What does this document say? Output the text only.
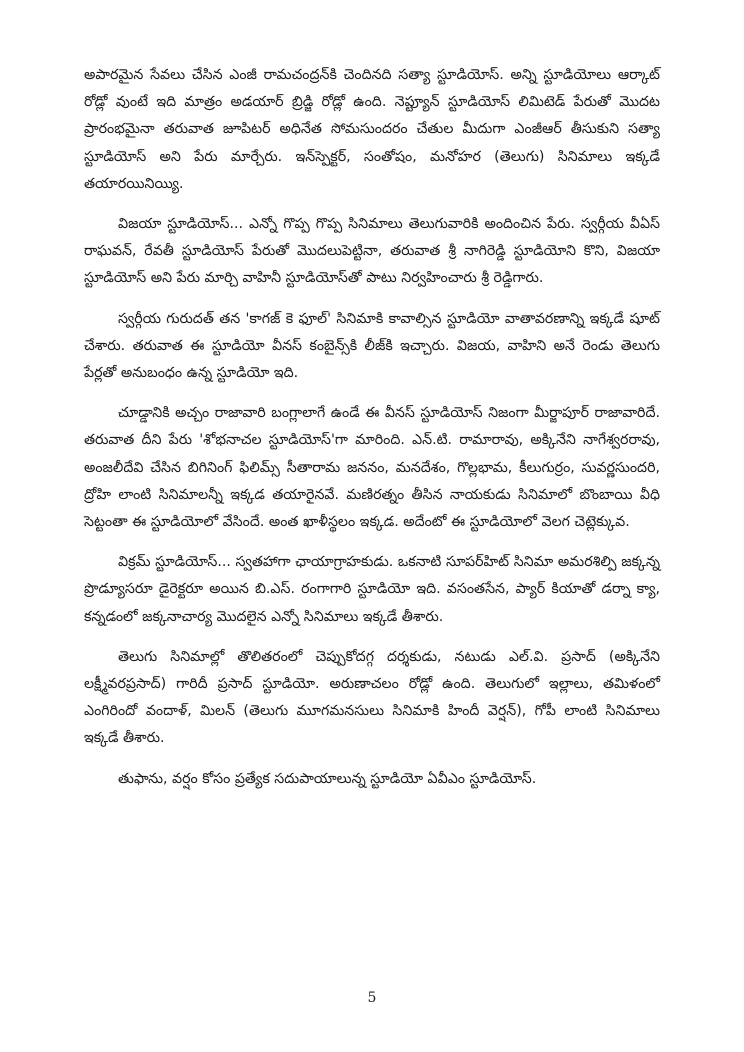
అపారమైన సేవలు చేసిన ఎంజీ రామచంద్రన్‌కి చెందినది సత్యా స్టూడియోస్. అన్ని స్టూడియోలు ఆర్కాట్ రోడ్లో వుంటే ఇది మాత్రం అడయార్ బ్రిడ్జి రోడ్లో ఉంది. నెప్ట్యూన్ స్టూడియోస్ లిమిటెడ్ పేరుతో మొదట ప్రారంభమైనా తరువాత జూపిటర్ అధినేత సోమసుందరం చేతుల మీదుగా ఎంజీఆర్ తీసుకుని సత్యా స్టూడియోస్ అని పేరు మార్చేరు. ఇన్‌స్పెక్టర్, సంతోషం, మనోహర (తెలుగు) సినిమాలు ఇక్కడే తయారయినియ్యి.

విజయా స్టూడియోస్... ఎన్నో గొప్ప గొప్ప సినిమాలు తెలుగువారికి అందించిన పేరు. స్వర్గీయ వీఏస్ రాఘవన్, రేవతీ స్టూడియోస్ పేరుతో మొదలుపెట్టినా, తరువాత శ్రీ నాగిరెడ్డి స్టూడియోని కొని, విజయా స్టూడియోస్ అని పేరు మార్చి వాహినీ స్టూడియోస్‌తో పాటు నిర్వహించారు శ్రీ రెడ్డిగారు.

స్వర్గీయ గురుదత్ తన 'కాగజ్ కె ఫూల్' సినిమాకి కావాల్సిన స్టూడియో వాతావరణాన్ని ఇక్కడే షూట్ చేశారు. తరువాత ఈ స్టూడియో వీనస్ కంబైన్స్‌కి లీజ్‌కి ఇచ్చారు. విజయ, వాహిని అనే రెండు తెలుగు పేర్లతో అనుబంధం ఉన్న స్టూడియో ఇది.

చూడ్డానికి అచ్చం రాజావారి బంగ్లాలాగే ఉండే ఈ వీనస్ స్టూడియోస్ నిజంగా మీర్జాపూర్ రాజావారిదే. తరువాత దీని పేరు 'శోభనాచల స్టూడియోస్'గా మారింది. ఎన్.టి. రామారావు, అక్కినేని నాగేశ్వరరావు, అంజలీదేవి చేసిన బిగినింగ్ ఫిలిమ్స్ సీతారామ జననం, మనదేశం, గొల్లభామ, కీలుగుర్రం, సువర్ణసుందరి, ద్రోహి లాంటి సినిమాలన్నీ ఇక్కడ తయారైనవే. మణిరత్నం తీసిన నాయకుడు సినిమాలో బొంబాయి వీధి సెట్టంతా ఈ స్టూడియోలో వేసిందే. అంత ఖాళీస్థలం ఇక్కడ. అదేంటో ఈ స్టూడియోలో వెలగ చెట్లెక్కువ.

విక్రమ్ స్టూడియోస్... స్వతహాగా ఛాయాగ్రాహకుడు. ఒకనాటి సూపర్‌హిట్ సినిమా అమరశిల్పి జక్కన్న ప్రొడ్యూసరూ డైరెక్టరూ అయిన బి.ఎస్. రంగాగారి స్టూడియో ఇది. వసంతసేన, ప్యార్ కియాతో డర్నా క్యా, కన్నడంలో జక్కనాచార్య మొదలైన ఎన్నో సినిమాలు ఇక్కడే తీశారు.

తెలుగు సినిమాల్లో తొలితరంలో చెప్పుకోదగ్గ దర్శకుడు, నటుడు ఎల్.వి. ప్రసాద్ (అక్కినేని లక్ష్మీవరప్రసాద్) గారిదీ ప్రసాద్ స్టూడియో. అరుణాచలం రోడ్లో ఉంది. తెలుగులో ఇల్లాలు, తమిళంలో ఎంగిరిందో వందాళ్, మిలన్ (తెలుగు మూగమనసులు సినిమాకి హిందీ వెర్షన్), గోపీ లాంటి సినిమాలు ఇక్కడే తీశారు.

తుఫాను, వర్షం కోసం ప్రత్యేక సదుపాయాలున్న స్టూడియో ఏవీఎం స్టూడియోస్.

5
